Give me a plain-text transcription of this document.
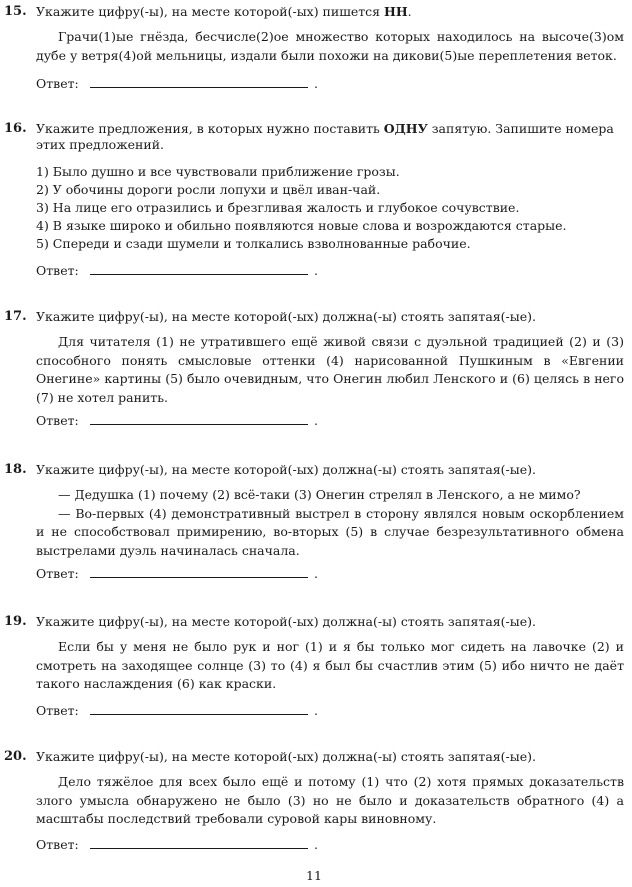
15. Укажите цифру(-ы), на месте которой(-ых) пишется НН.
Грачи(1)ые гнёзда, бесчисле(2)ое множество которых находилось на высоче(3)ом дубе у ветря(4)ой мельницы, издали были похожи на дикови(5)ые переплетения веток.
Ответ:	.
16. Укажите предложения, в которых нужно поставить ОДНУ запятую. Запишите номера этих предложений.
1) Было душно и все чувствовали приближение грозы.
2) У обочины дороги росли лопухи и цвёл иван-чай.
3) На лице его отразились и брезгливая жалость и глубокое сочувствие.
4) В языке широко и обильно появляются новые слова и возрождаются старые.
5) Спереди и сзади шумели и толкались взволнованные рабочие.
Ответ:	.
17. Укажите цифру(-ы), на месте которой(-ых) должна(-ы) стоять запятая(-ые).
Для читателя (1) не утратившего ещё живой связи с дуэльной традицией (2) и (3) способного понять смысловые оттенки (4) нарисованной Пушкиным в «Евгении Онегине» картины (5) было очевидным, что Онегин любил Ленского и (6) целясь в него (7) не хотел ранить.
Ответ:	.
18. Укажите цифру(-ы), на месте которой(-ых) должна(-ы) стоять запятая(-ые).

— Дедушка (1) почему (2) всё-таки (3) Онегин стрелял в Ленского, а не мимо?

— Во-первых (4) демонстративный выстрел в сторону являлся новым оскорблением и не способствовал примирению, во-вторых (5) в случае безрезультативного обмена выстрелами дуэль начиналась сначала.

Ответ:	.
19. Укажите цифру(-ы), на месте которой(-ых) должна(-ы) стоять запятая(-ые).
Если бы у меня не было рук и ног (1) и я бы только мог сидеть на лавочке (2) и смотреть на заходящее солнце (3) то (4) я был бы счастлив этим (5) ибо ничто не даёт такого наслаждения (6) как краски.
Ответ:	.
20. Укажите цифру(-ы), на месте которой(-ых) должна(-ы) стоять запятая(-ые).
Дело тяжёлое для всех было ещё и потому (1) что (2) хотя прямых доказательств злого умысла обнаружено не было (3) но не было и доказательств обратного (4) а масштабы последствий требовали суровой кары виновному.
Ответ:	.
11
